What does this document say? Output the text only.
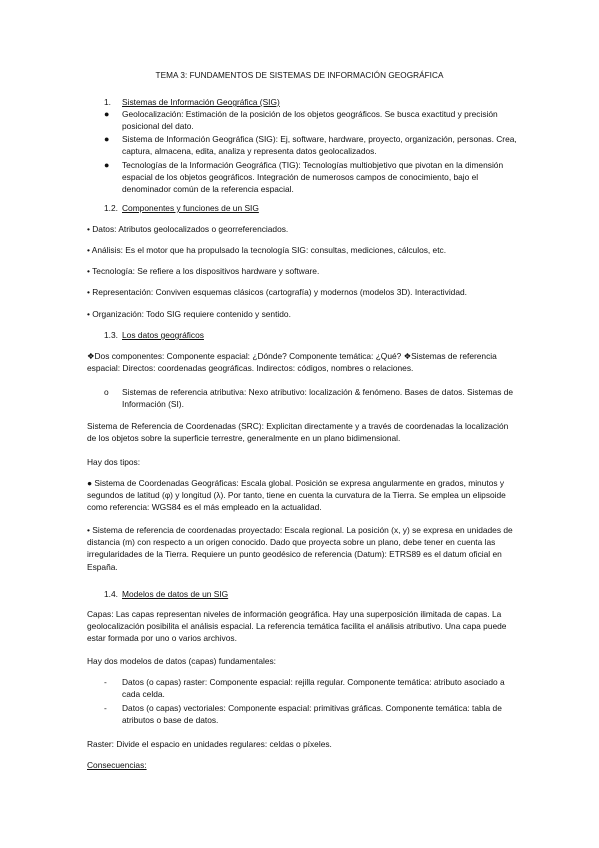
TEMA 3: FUNDAMENTOS DE SISTEMAS DE INFORMACIÓN GEOGRÁFICA
1. Sistemas de Información Geográfica (SIG)
● Geolocalización: Estimación de la posición de los objetos geográficos. Se busca exactitud y precisión posicional del dato.
● Sistema de Información Geográfica (SIG): Ej, software, hardware, proyecto, organización, personas. Crea, captura, almacena, edita, analiza y representa datos geolocalizados.
● Tecnologías de la Información Geográfica (TIG): Tecnologías multiobjetivo que pivotan en la dimensión espacial de los objetos geográficos. Integración de numerosos campos de conocimiento, bajo el denominador común de la referencia espacial.
1.2. Componentes y funciones de un SIG
• Datos: Atributos geolocalizados o georreferenciados.
• Análisis: Es el motor que ha propulsado la tecnología SIG: consultas, mediciones, cálculos, etc.
• Tecnología: Se refiere a los dispositivos hardware y software.
• Representación: Conviven esquemas clásicos (cartografía) y modernos (modelos 3D). Interactividad.
• Organización: Todo SIG requiere contenido y sentido.
1.3. Los datos geográficos
❖Dos componentes: Componente espacial: ¿Dónde? Componente temática: ¿Qué? ❖Sistemas de referencia espacial: Directos: coordenadas geográficas. Indirectos: códigos, nombres o relaciones.
o Sistemas de referencia atributiva: Nexo atributivo: localización & fenómeno. Bases de datos. Sistemas de Información (SI).
Sistema de Referencia de Coordenadas (SRC): Explicitan directamente y a través de coordenadas la localización de los objetos sobre la superficie terrestre, generalmente en un plano bidimensional.
Hay dos tipos:
● Sistema de Coordenadas Geográficas: Escala global. Posición se expresa angularmente en grados, minutos y segundos de latitud (φ) y longitud (λ). Por tanto, tiene en cuenta la curvatura de la Tierra. Se emplea un elipsoide como referencia: WGS84 es el más empleado en la actualidad.
• Sistema de referencia de coordenadas proyectado: Escala regional. La posición (x, y) se expresa en unidades de distancia (m) con respecto a un origen conocido. Dado que proyecta sobre un plano, debe tener en cuenta las irregularidades de la Tierra. Requiere un punto geodésico de referencia (Datum): ETRS89 es el datum oficial en España.
1.4. Modelos de datos de un SIG
Capas: Las capas representan niveles de información geográfica. Hay una superposición ilimitada de capas. La geolocalización posibilita el análisis espacial. La referencia temática facilita el análisis atributivo. Una capa puede estar formada por uno o varios archivos.
Hay dos modelos de datos (capas) fundamentales:
- Datos (o capas) raster: Componente espacial: rejilla regular. Componente temática: atributo asociado a cada celda.
- Datos (o capas) vectoriales: Componente espacial: primitivas gráficas. Componente temática: tabla de atributos o base de datos.
Raster: Divide el espacio en unidades regulares: celdas o píxeles.
Consecuencias:
